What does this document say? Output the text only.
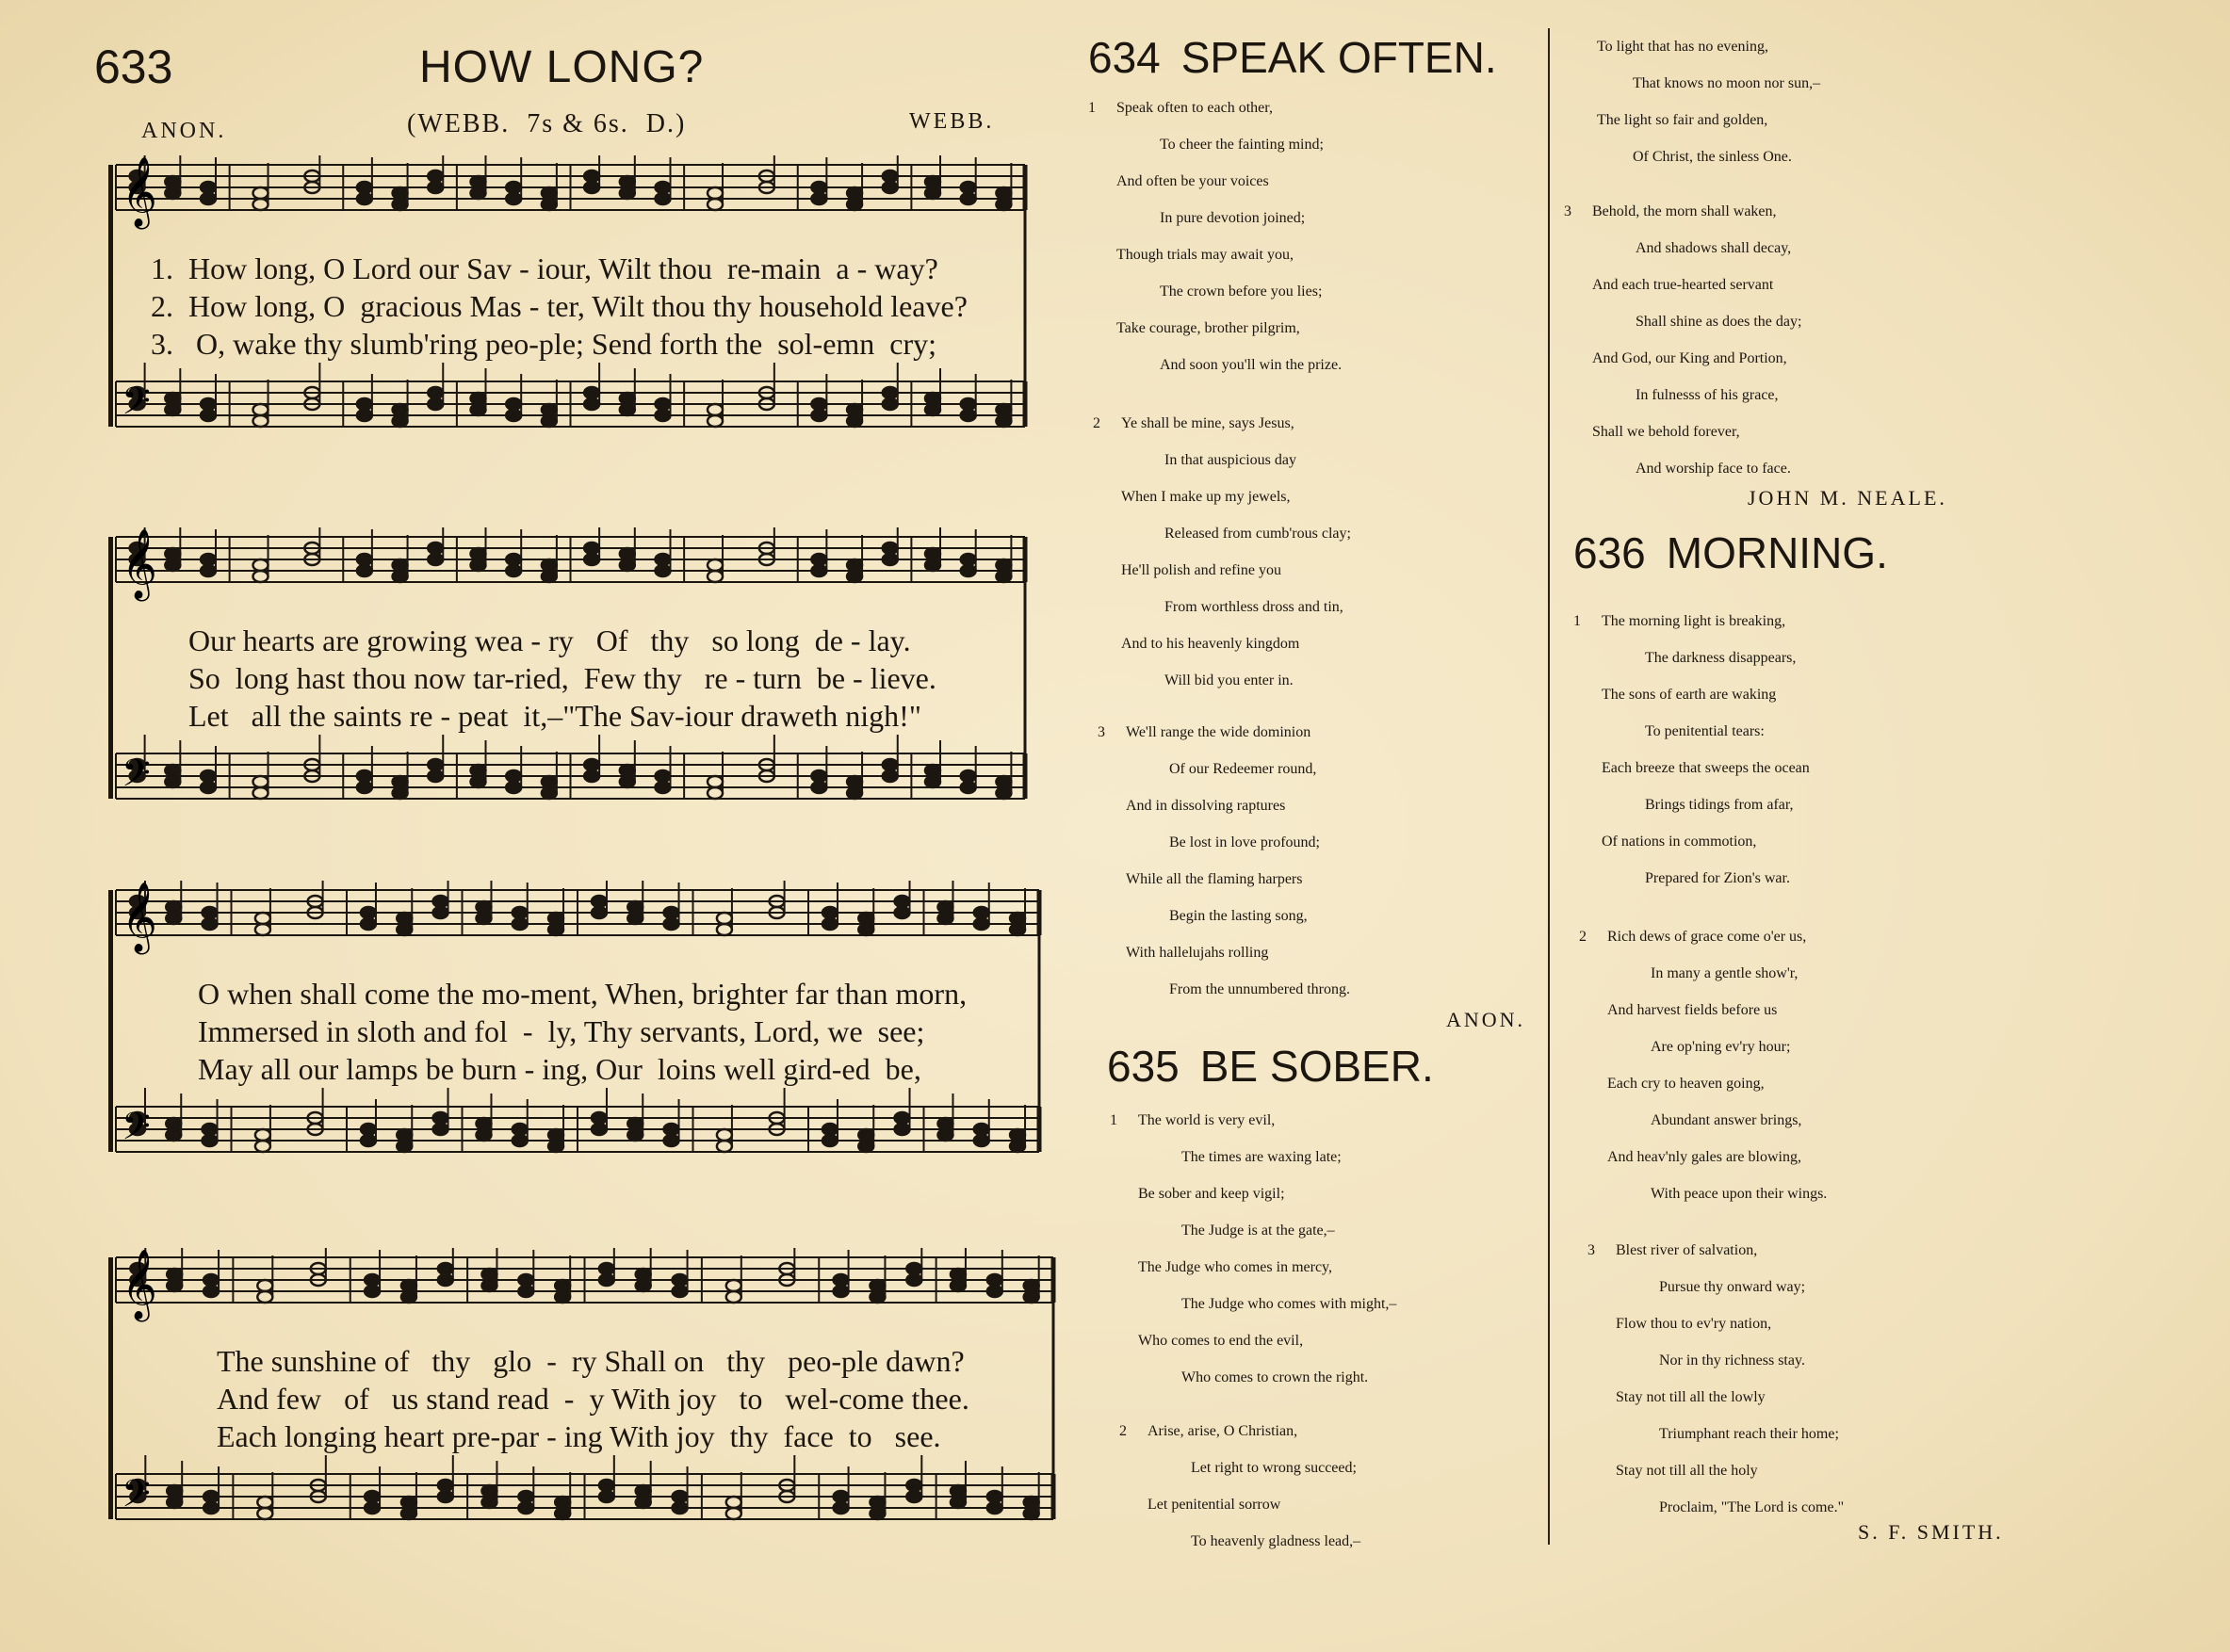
633	HOW LONG?
ANON.	(WEBB.  7s & 6s.  D.)	WEBB.
𝄞
𝄢
1.  How long, O Lord our Sav - iour, Wilt thou  re-main  a - way?
2.  How long, O  gracious Mas - ter, Wilt thou thy household leave?
3.   O, wake thy slumb'ring peo-ple; Send forth the  sol-emn  cry;
𝄞
𝄢
Our hearts are growing wea - ry   Of   thy   so long  de - lay.
So  long hast thou now tar-ried,  Few thy   re - turn  be - lieve.
Let   all the saints re - peat  it,–"The Sav-iour draweth nigh!"
𝄞
𝄢
O when shall come the mo-ment, When, brighter far than morn,
Immersed in sloth and fol  -  ly, Thy servants, Lord, we  see;
May all our lamps be burn - ing, Our  loins well gird-ed  be,
𝄞
𝄢
The sunshine of   thy   glo  -  ry Shall on   thy   peo-ple dawn?
And few   of   us stand read  -  y With joy   to   wel-come thee.
Each longing heart pre-par - ing With joy  thy  face  to   see.
634 SPEAK OFTEN.
1 Speak often to each other,
To cheer the fainting mind;
And often be your voices
In pure devotion joined;
Though trials may await you,
The crown before you lies;
Take courage, brother pilgrim,
And soon you'll win the prize.
2 Ye shall be mine, says Jesus,
In that auspicious day
When I make up my jewels,
Released from cumb'rous clay;
He'll polish and refine you
From worthless dross and tin,
And to his heavenly kingdom
Will bid you enter in.
3 We'll range the wide dominion
Of our Redeemer round,
And in dissolving raptures
Be lost in love profound;
While all the flaming harpers
Begin the lasting song,
With hallelujahs rolling
From the unnumbered throng.
ANON.
635 BE SOBER.
1 The world is very evil,
The times are waxing late;
Be sober and keep vigil;
The Judge is at the gate,–
The Judge who comes in mercy,
The Judge who comes with might,–
Who comes to end the evil,
Who comes to crown the right.
2 Arise, arise, O Christian,
Let right to wrong succeed;
Let penitential sorrow
To heavenly gladness lead,–
To light that has no evening,
That knows no moon nor sun,–
The light so fair and golden,
Of Christ, the sinless One.
3 Behold, the morn shall waken,
And shadows shall decay,
And each true-hearted servant
Shall shine as does the day;
And God, our King and Portion,
In fulnesss of his grace,
Shall we behold forever,
And worship face to face.
JOHN M. NEALE.
636 MORNING.
1 The morning light is breaking,
The darkness disappears,
The sons of earth are waking
To penitential tears:
Each breeze that sweeps the ocean
Brings tidings from afar,
Of nations in commotion,
Prepared for Zion's war.
2 Rich dews of grace come o'er us,
In many a gentle show'r,
And harvest fields before us
Are op'ning ev'ry hour;
Each cry to heaven going,
Abundant answer brings,
And heav'nly gales are blowing,
With peace upon their wings.
3 Blest river of salvation,
Pursue thy onward way;
Flow thou to ev'ry nation,
Nor in thy richness stay.
Stay not till all the lowly
Triumphant reach their home;
Stay not till all the holy
Proclaim, "The Lord is come."
S. F. SMITH.
